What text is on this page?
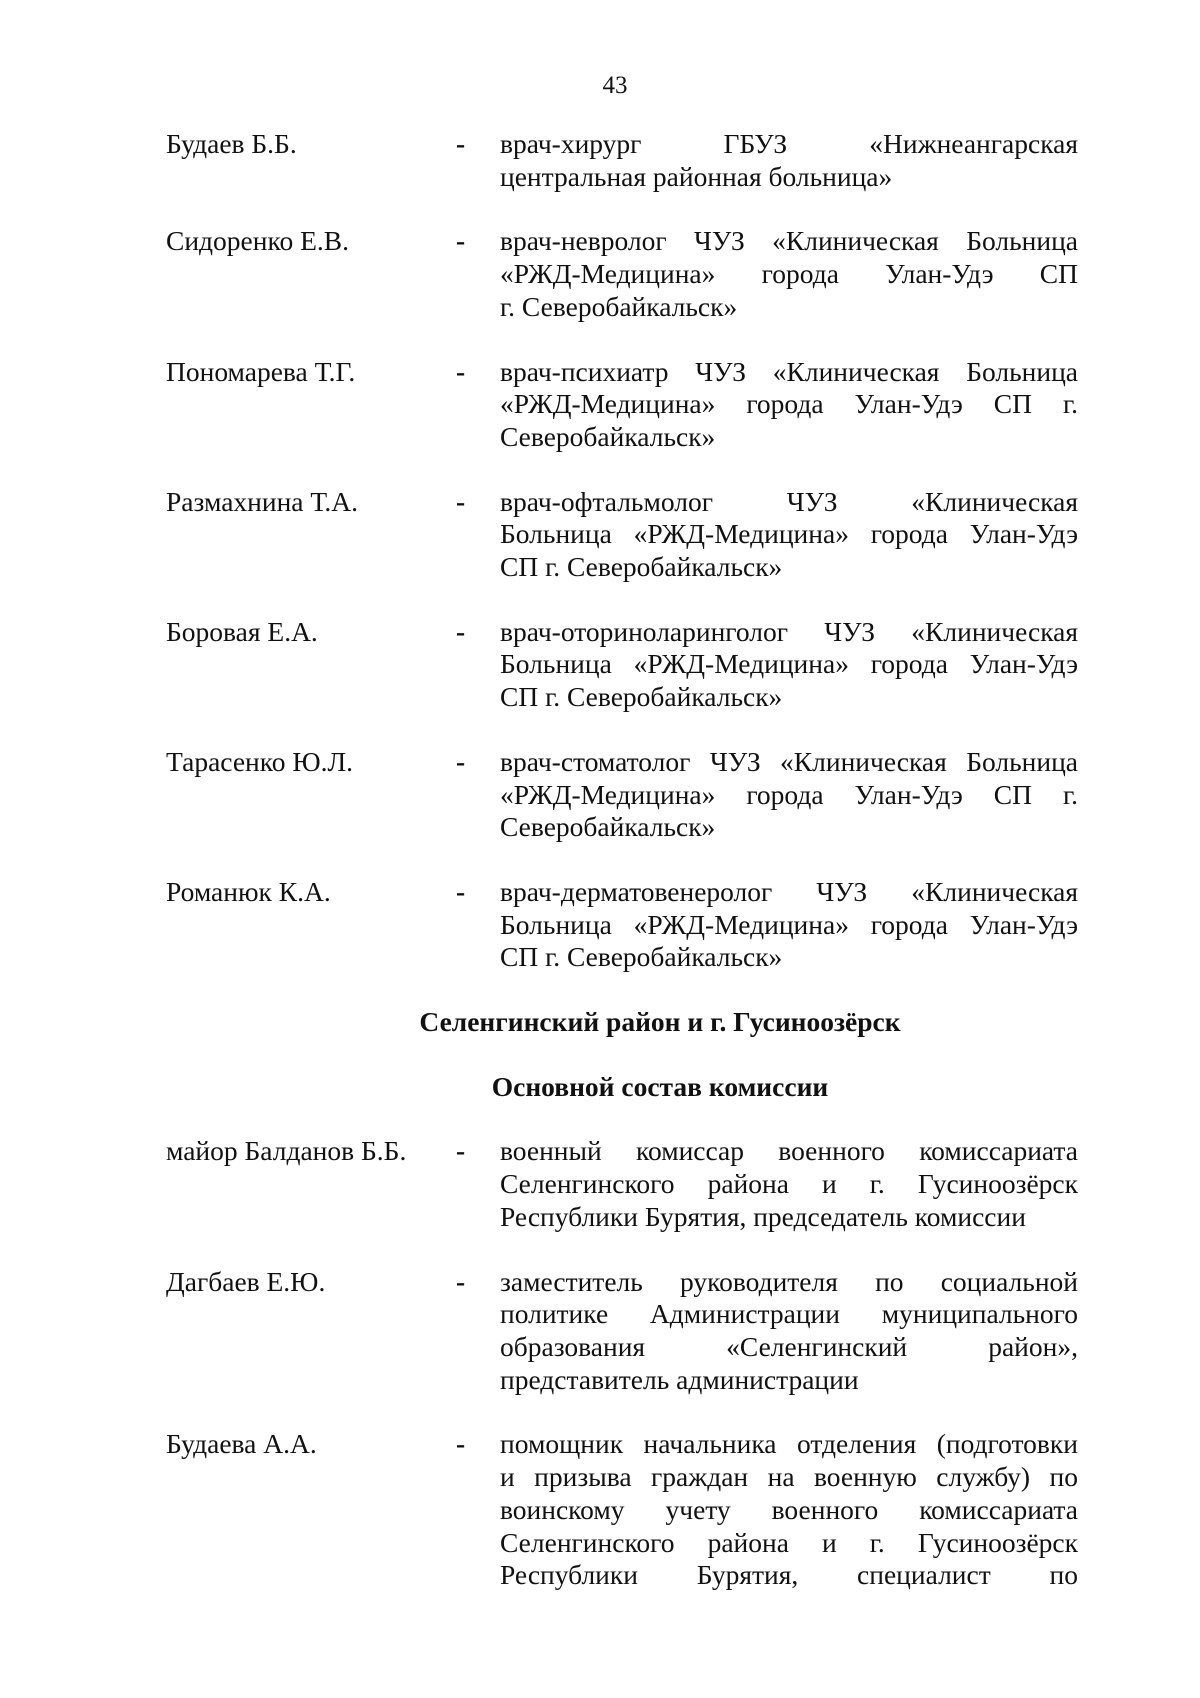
43
Будаев Б.Б.	-	врач-хирург ГБУЗ «Нижнеангарская
центральная районная больница»
Сидоренко Е.В.	-	врач-невролог ЧУЗ «Клиническая Больница
«РЖД-Медицина» города Улан-Удэ СП
г. Северобайкальск»
Пономарева Т.Г.	-	врач-психиатр ЧУЗ «Клиническая Больница
«РЖД-Медицина» города Улан-Удэ СП г.
Северобайкальск»
Размахнина Т.А.	-	врач-офтальмолог ЧУЗ «Клиническая
Больница «РЖД-Медицина» города Улан-Удэ
СП г. Северобайкальск»
Боровая Е.А.	-	врач-оториноларинголог ЧУЗ «Клиническая
Больница «РЖД-Медицина» города Улан-Удэ
СП г. Северобайкальск»
Тарасенко Ю.Л.	-	врач-стоматолог ЧУЗ «Клиническая Больница
«РЖД-Медицина» города Улан-Удэ СП г.
Северобайкальск»
Романюк К.А.	-	врач-дерматовенеролог ЧУЗ «Клиническая
Больница «РЖД-Медицина» города Улан-Удэ
СП г. Северобайкальск»
Селенгинский район и г. Гусиноозёрск
Основной состав комиссии
майор Балданов Б.Б.	-	военный комиссар военного комиссариата
Селенгинского района и г. Гусиноозёрск
Республики Бурятия, председатель комиссии
Дагбаев Е.Ю.	-	заместитель руководителя по социальной
политике Администрации муниципального
образования «Селенгинский район»,
представитель администрации
Будаева А.А.	-	помощник начальника отделения (подготовки
и призыва граждан на военную службу) по
воинскому учету военного комиссариата
Селенгинского района и г. Гусиноозёрск
Республики Бурятия, специалист по
